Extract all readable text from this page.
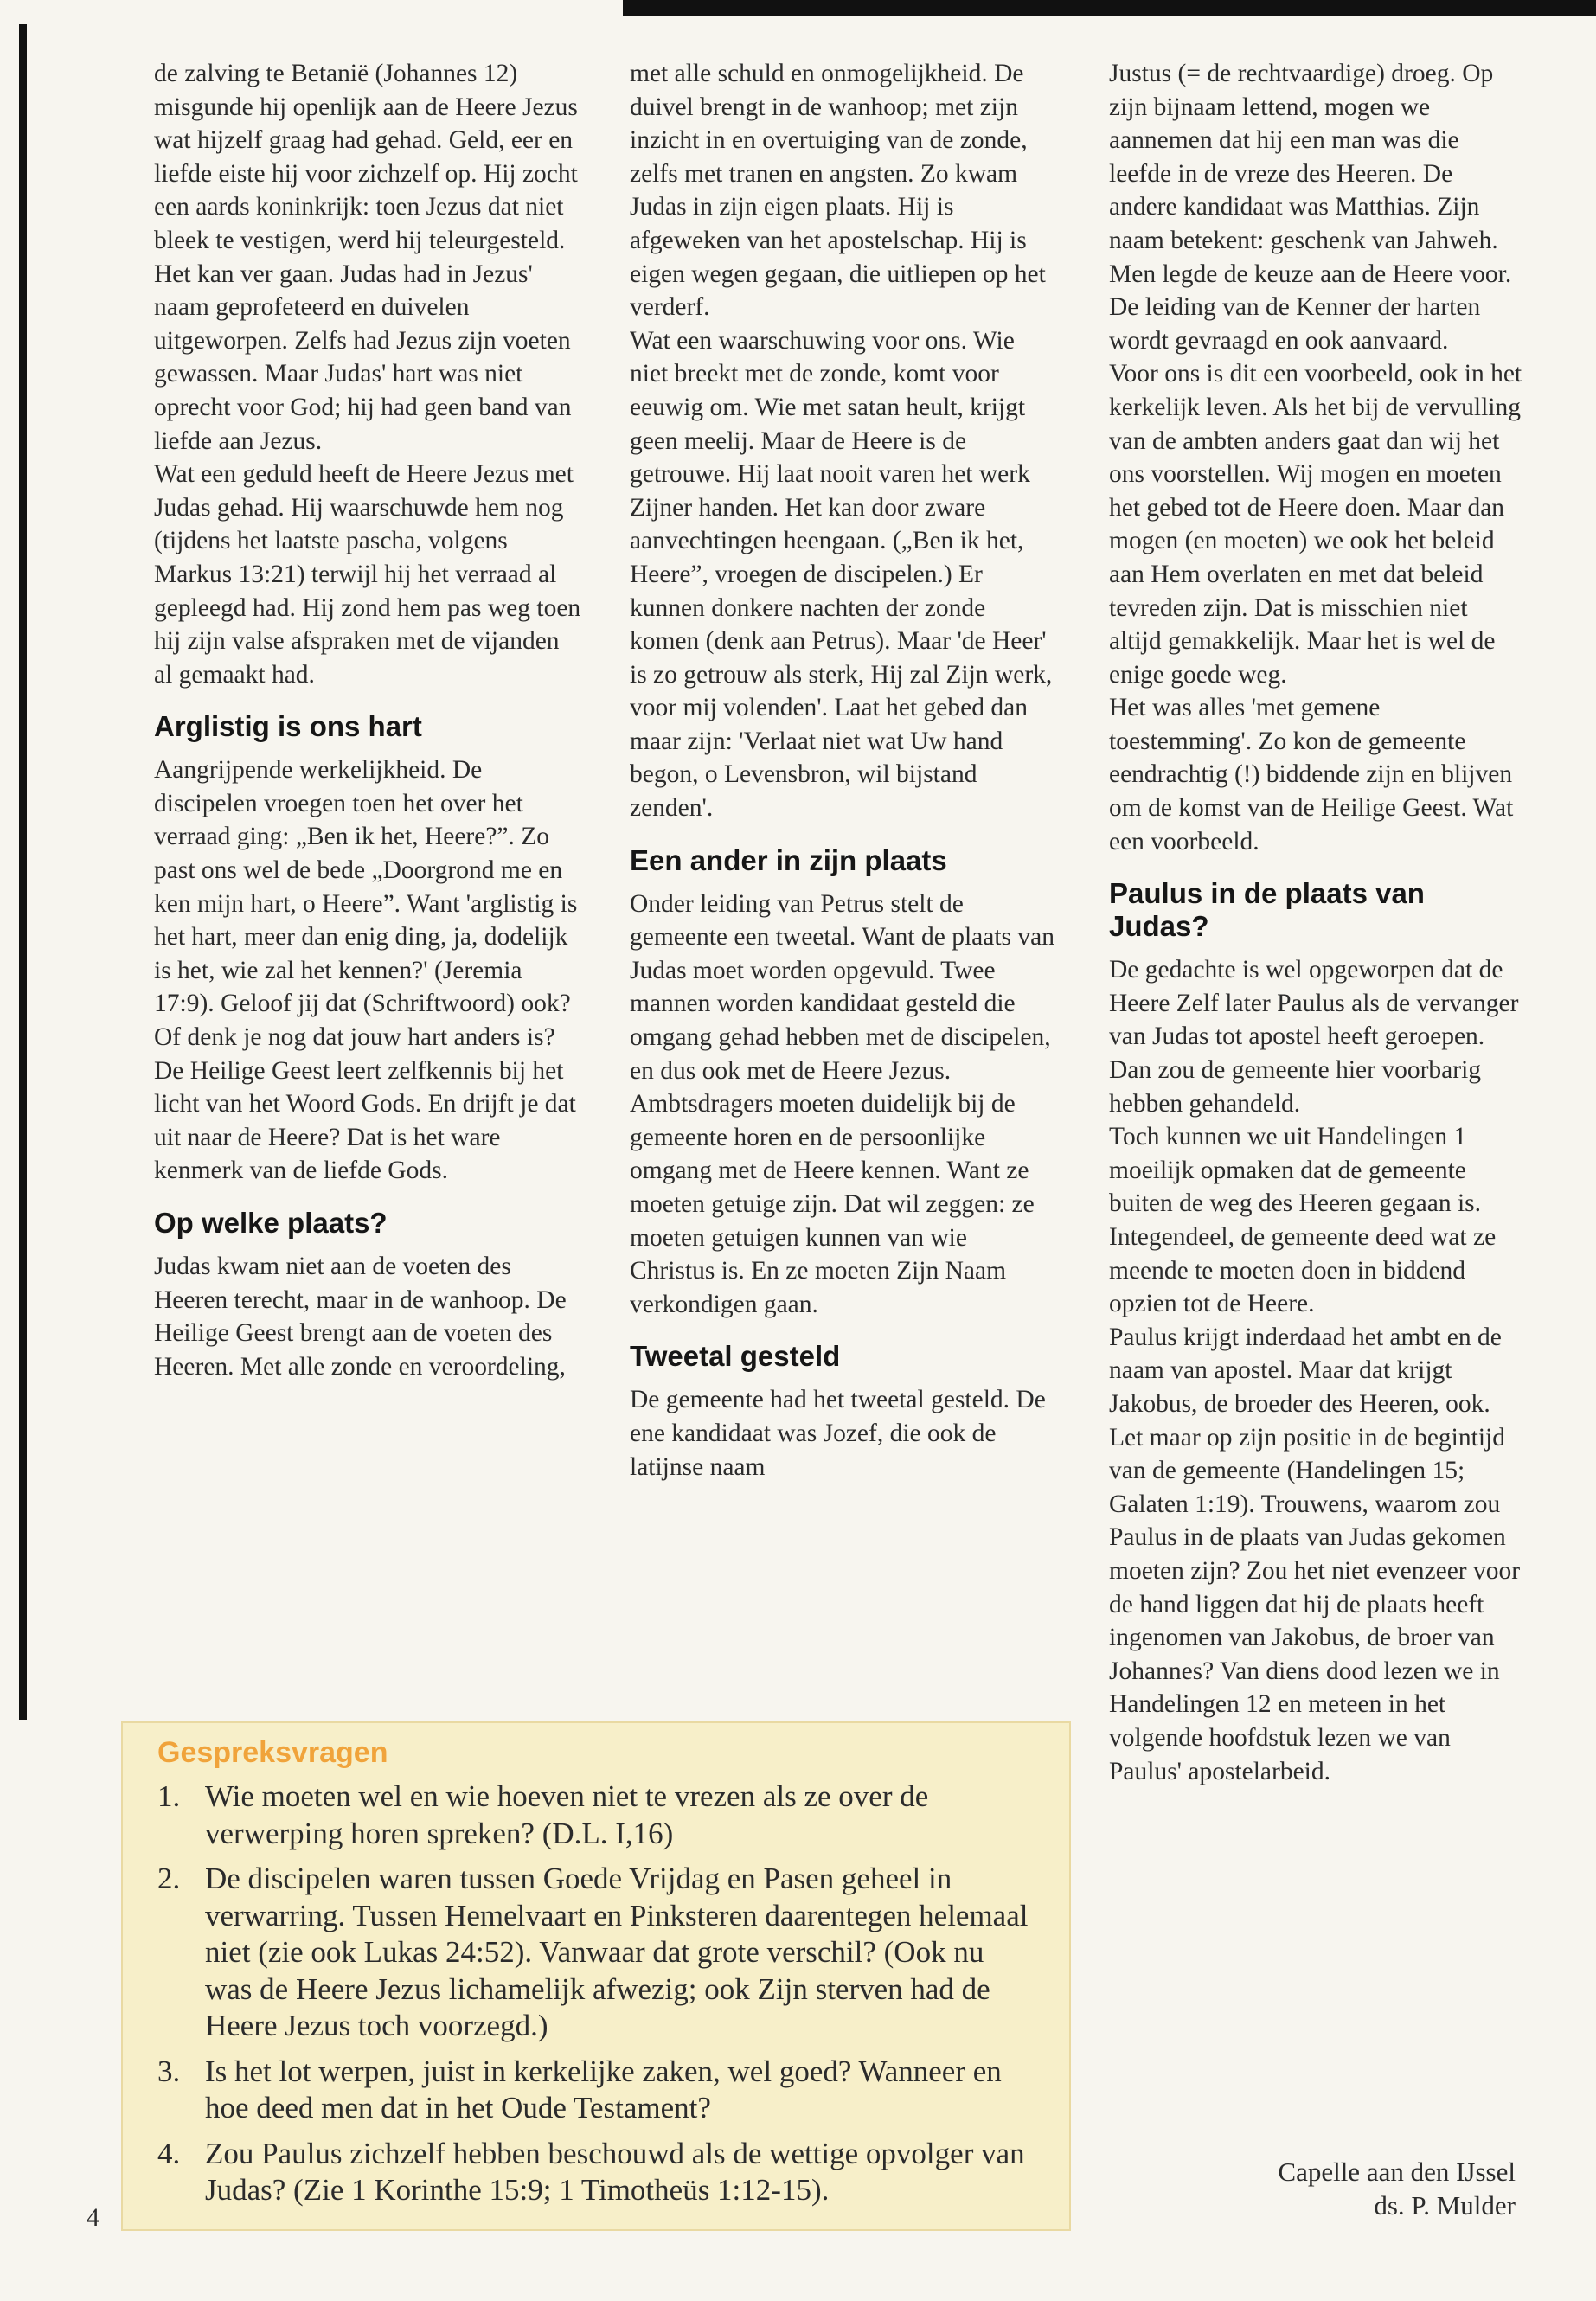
de zalving te Betanië (Johannes 12) misgunde hij openlijk aan de Heere Jezus wat hijzelf graag had gehad. Geld, eer en liefde eiste hij voor zichzelf op. Hij zocht een aards koninkrijk: toen Jezus dat niet bleek te vestigen, werd hij teleurgesteld.

Het kan ver gaan. Judas had in Jezus' naam geprofeteerd en duivelen uitgeworpen. Zelfs had Jezus zijn voeten gewassen. Maar Judas' hart was niet oprecht voor God; hij had geen band van liefde aan Jezus.

Wat een geduld heeft de Heere Jezus met Judas gehad. Hij waarschuwde hem nog (tijdens het laatste pascha, volgens Markus 13:21) terwijl hij het verraad al gepleegd had. Hij zond hem pas weg toen hij zijn valse afspraken met de vijanden al gemaakt had.

Arglistig is ons hart

Aangrijpende werkelijkheid. De discipelen vroegen toen het over het verraad ging: „Ben ik het, Heere?”. Zo past ons wel de bede „Doorgrond me en ken mijn hart, o Heere”. Want 'arglistig is het hart, meer dan enig ding, ja, dodelijk is het, wie zal het kennen?' (Jeremia 17:9). Geloof jij dat (Schriftwoord) ook? Of denk je nog dat jouw hart anders is? De Heilige Geest leert zelfkennis bij het licht van het Woord Gods. En drijft je dat uit naar de Heere? Dat is het ware kenmerk van de liefde Gods.

Op welke plaats?

Judas kwam niet aan de voeten des Heeren terecht, maar in de wanhoop. De Heilige Geest brengt aan de voeten des Heeren. Met alle zonde en veroordeling,

met alle schuld en onmogelijkheid. De duivel brengt in de wanhoop; met zijn inzicht in en overtuiging van de zonde, zelfs met tranen en angsten. Zo kwam Judas in zijn eigen plaats. Hij is afgeweken van het apostelschap. Hij is eigen wegen gegaan, die uitliepen op het verderf.

Wat een waarschuwing voor ons. Wie niet breekt met de zonde, komt voor eeuwig om. Wie met satan heult, krijgt geen meelij. Maar de Heere is de getrouwe. Hij laat nooit varen het werk Zijner handen. Het kan door zware aanvechtingen heengaan. („Ben ik het, Heere”, vroegen de discipelen.) Er kunnen donkere nachten der zonde komen (denk aan Petrus). Maar 'de Heer' is zo getrouw als sterk, Hij zal Zijn werk, voor mij volenden'. Laat het gebed dan maar zijn: 'Verlaat niet wat Uw hand begon, o Levensbron, wil bijstand zenden'.

Een ander in zijn plaats

Onder leiding van Petrus stelt de gemeente een tweetal. Want de plaats van Judas moet worden opgevuld. Twee mannen worden kandidaat gesteld die omgang gehad hebben met de discipelen, en dus ook met de Heere Jezus. Ambtsdragers moeten duidelijk bij de gemeente horen en de persoonlijke omgang met de Heere kennen. Want ze moeten getuige zijn. Dat wil zeggen: ze moeten getuigen kunnen van wie Christus is. En ze moeten Zijn Naam verkondigen gaan.

Tweetal gesteld

De gemeente had het tweetal gesteld. De ene kandidaat was Jozef, die ook de latijnse naam

Justus (= de rechtvaardige) droeg. Op zijn bijnaam lettend, mogen we aannemen dat hij een man was die leefde in de vreze des Heeren. De andere kandidaat was Matthias. Zijn naam betekent: geschenk van Jahweh. Men legde de keuze aan de Heere voor. De leiding van de Kenner der harten wordt gevraagd en ook aanvaard.

Voor ons is dit een voorbeeld, ook in het kerkelijk leven. Als het bij de vervulling van de ambten anders gaat dan wij het ons voorstellen. Wij mogen en moeten het gebed tot de Heere doen. Maar dan mogen (en moeten) we ook het beleid aan Hem overlaten en met dat beleid tevreden zijn. Dat is misschien niet altijd gemakkelijk. Maar het is wel de enige goede weg.

Het was alles 'met gemene toestemming'. Zo kon de gemeente eendrachtig (!) biddende zijn en blijven om de komst van de Heilige Geest. Wat een voorbeeld.

Paulus in de plaats van Judas?

De gedachte is wel opgeworpen dat de Heere Zelf later Paulus als de vervanger van Judas tot apostel heeft geroepen. Dan zou de gemeente hier voorbarig hebben gehandeld.

Toch kunnen we uit Handelingen 1 moeilijk opmaken dat de gemeente buiten de weg des Heeren gegaan is. Integendeel, de gemeente deed wat ze meende te moeten doen in biddend opzien tot de Heere.

Paulus krijgt inderdaad het ambt en de naam van apostel. Maar dat krijgt Jakobus, de broeder des Heeren, ook. Let maar op zijn positie in de begintijd van de gemeente (Handelingen 15; Galaten 1:19). Trouwens, waarom zou Paulus in de plaats van Judas gekomen moeten zijn? Zou het niet evenzeer voor de hand liggen dat hij de plaats heeft ingenomen van Jakobus, de broer van Johannes? Van diens dood lezen we in Handelingen 12 en meteen in het volgende hoofdstuk lezen we van Paulus' apostelarbeid.

Capelle aan den IJssel
ds. P. Mulder
Gespreksvragen
1. Wie moeten wel en wie hoeven niet te vrezen als ze over de verwerping horen spreken? (D.L. I,16)
2. De discipelen waren tussen Goede Vrijdag en Pasen geheel in verwarring. Tussen Hemelvaart en Pinksteren daarentegen helemaal niet (zie ook Lukas 24:52). Vanwaar dat grote verschil? (Ook nu was de Heere Jezus lichamelijk afwezig; ook Zijn sterven had de Heere Jezus toch voorzegd.)
3. Is het lot werpen, juist in kerkelijke zaken, wel goed? Wanneer en hoe deed men dat in het Oude Testament?
4. Zou Paulus zichzelf hebben beschouwd als de wettige opvolger van Judas? (Zie 1 Korinthe 15:9; 1 Timotheüs 1:12-15).
4
